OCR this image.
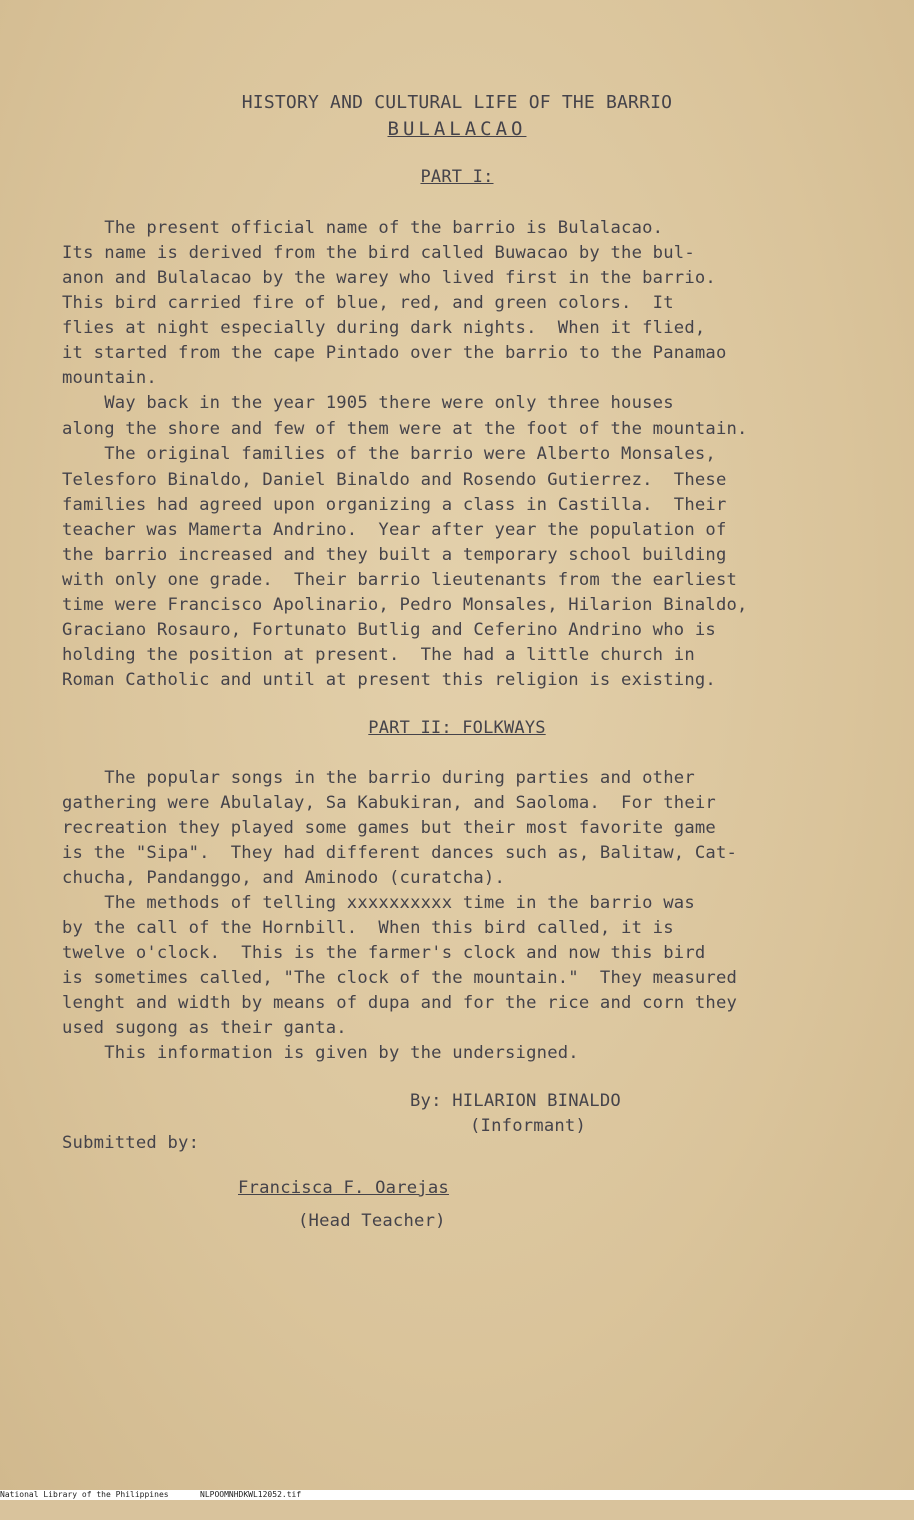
HISTORY AND CULTURAL LIFE OF THE BARRIO
BULALACAO
PART I:
The present official name of the barrio is Bulalacao.
Its name is derived from the bird called Buwacao by the bul-
anon and Bulalacao by the warey who lived first in the barrio.
This bird carried fire of blue, red, and green colors.  It
flies at night especially during dark nights.  When it flied,
it started from the cape Pintado over the barrio to the Panamao
mountain.
Way back in the year 1905 there were only three houses
along the shore and few of them were at the foot of the mountain.
The original families of the barrio were Alberto Monsales,
Telesforo Binaldo, Daniel Binaldo and Rosendo Gutierrez.  These
families had agreed upon organizing a class in Castilla.  Their
teacher was Mamerta Andrino.  Year after year the population of
the barrio increased and they built a temporary school building
with only one grade.  Their barrio lieutenants from the earliest
time were Francisco Apolinario, Pedro Monsales, Hilarion Binaldo,
Graciano Rosauro, Fortunato Butlig and Ceferino Andrino who is
holding the position at present.  The had a little church in
Roman Catholic and until at present this religion is existing.
PART II: FOLKWAYS
The popular songs in the barrio during parties and other
gathering were Abulalay, Sa Kabukiran, and Saoloma.  For their
recreation they played some games but their most favorite game
is the "Sipa".  They had different dances such as, Balitaw, Cat-
chucha, Pandanggo, and Aminodo (curatcha).
The methods of telling xxxxxxxxxx time in the barrio was
by the call of the Hornbill.  When this bird called, it is
twelve o'clock.  This is the farmer's clock and now this bird
is sometimes called, "The clock of the mountain."  They measured
lenght and width by means of dupa and for the rice and corn they
used sugong as their ganta.
This information is given by the undersigned.
By: HILARION BINALDO
(Informant)
Submitted by:
Francisca F. Oarejas
(Head Teacher)

National Library of the Philippines

	NLPOOMNHDKWL12052.tif
